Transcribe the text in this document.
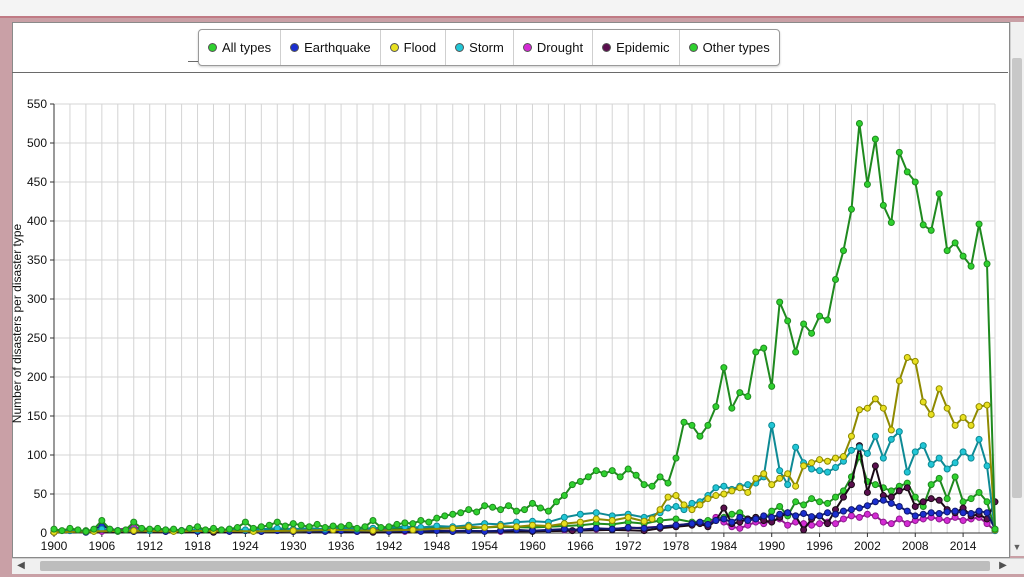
All types	Earthquake	Flood	Storm	Drought	Epidemic	Other types
0
50
100
150
200
250
300
350
400
450
500
550
1900 1906 1912 1918 1924 1930 1936 1942 1948 1954 1960 1966 1972 1978 1984 1990 1996 2002 2008 2014
Number of disasters per disaster type
▼
◀	▶
